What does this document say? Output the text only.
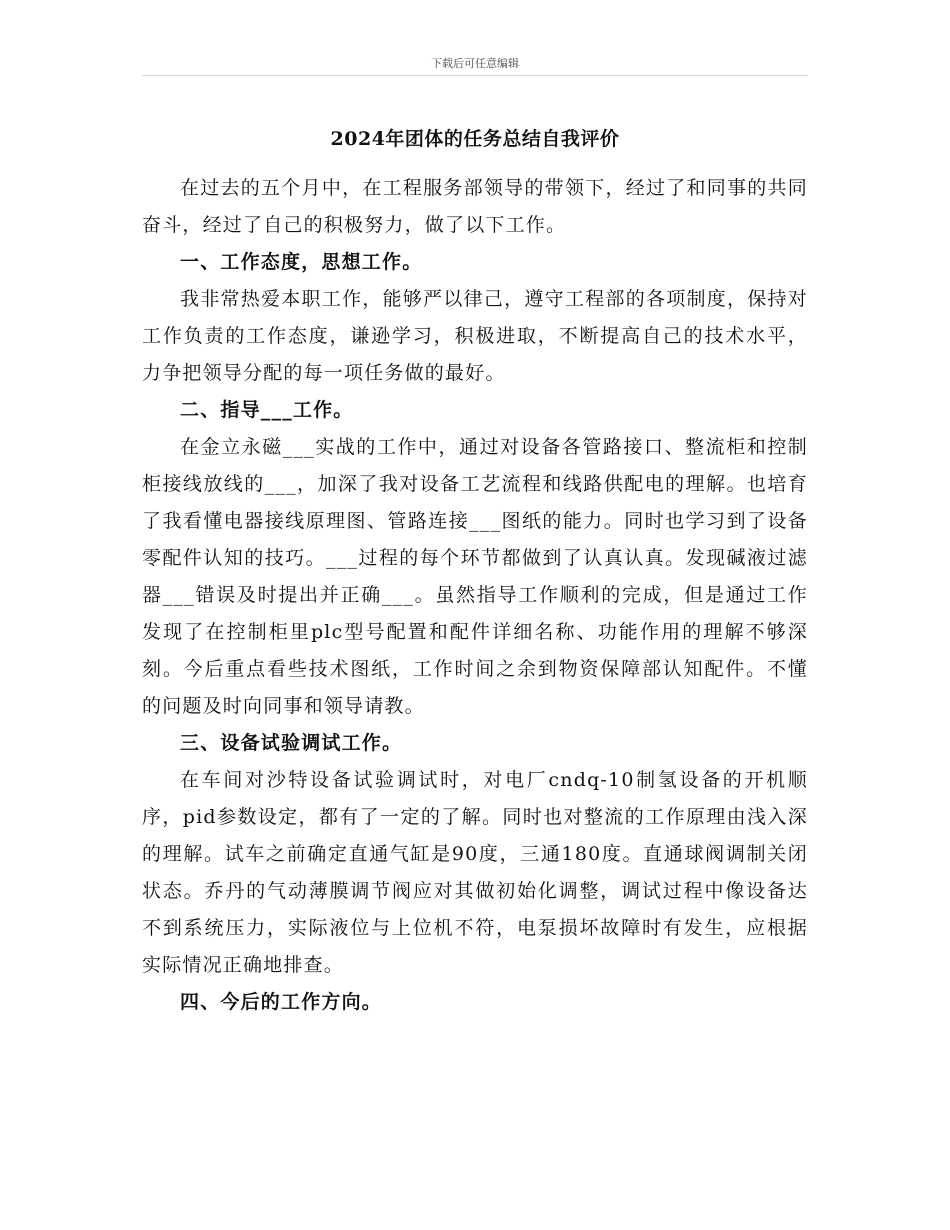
下载后可任意编辑
2024年团体的任务总结自我评价

在过去的五个月中，在工程服务部领导的带领下，经过了和同事的共同奋斗，经过了自己的积极努力，做了以下工作。

一、工作态度，思想工作。

我非常热爱本职工作，能够严以律己，遵守工程部的各项制度，保持对工作负责的工作态度，谦逊学习，积极进取，不断提高自己的技术水平，力争把领导分配的每一项任务做的最好。

二、指导___工作。

在金立永磁___实战的工作中，通过对设备各管路接口、整流柜和控制柜接线放线的___，加深了我对设备工艺流程和线路供配电的理解。也培育了我看懂电器接线原理图、管路连接___图纸的能力。同时也学习到了设备零配件认知的技巧。___过程的每个环节都做到了认真认真。发现碱液过滤器___错误及时提出并正确___。虽然指导工作顺利的完成，但是通过工作发现了在控制柜里plc型号配置和配件详细名称、功能作用的理解不够深刻。今后重点看些技术图纸，工作时间之余到物资保障部认知配件。不懂的问题及时向同事和领导请教。

三、设备试验调试工作。

在车间对沙特设备试验调试时，对电厂cndq-10制氢设备的开机顺序，pid参数设定，都有了一定的了解。同时也对整流的工作原理由浅入深的理解。试车之前确定直通气缸是90度，三通180度。直通球阀调制关闭状态。乔丹的气动薄膜调节阀应对其做初始化调整，调试过程中像设备达不到系统压力，实际液位与上位机不符，电泵损坏故障时有发生，应根据实际情况正确地排查。

四、今后的工作方向。
